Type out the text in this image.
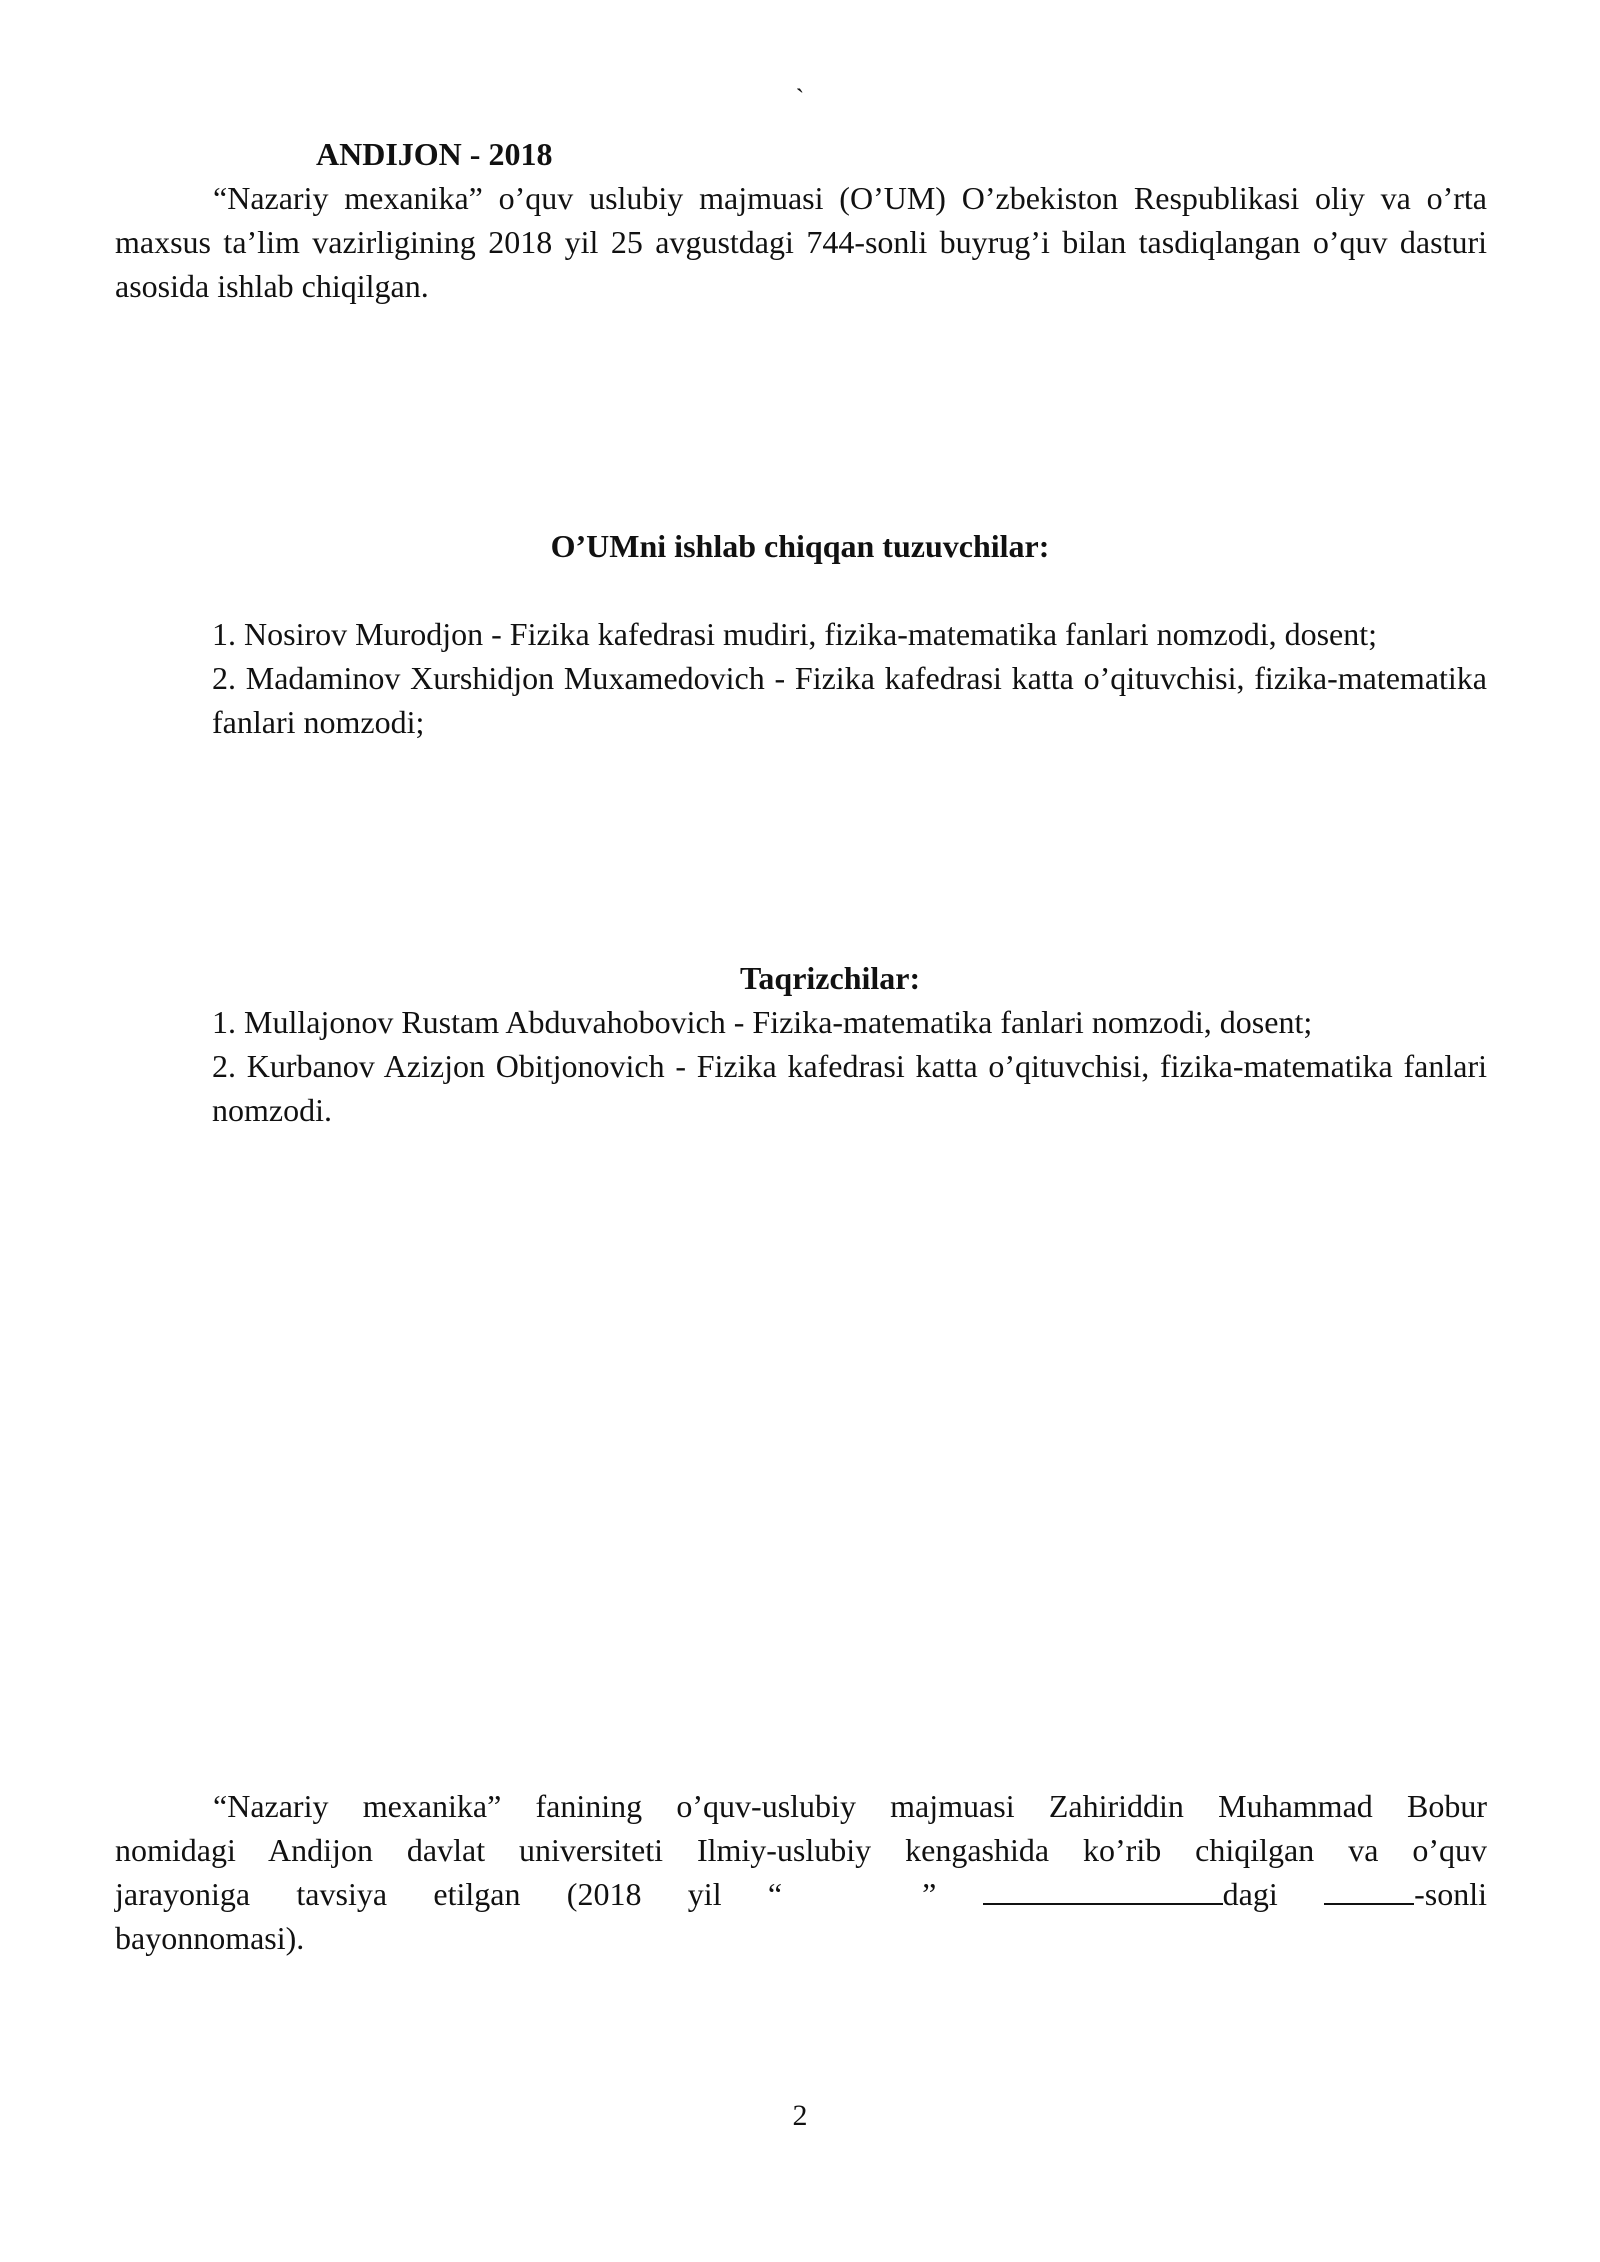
`
ANDIJON - 2018

“Nazariy mexanika” o’quv uslubiy majmuasi (O’UM) O’zbekiston Respublikasi oliy va o’rta maxsus ta’lim vazirligining 2018 yil 25 avgustdagi 744-sonli buyrug’i bilan tasdiqlangan o’quv dasturi asosida ishlab chiqilgan.

O’UMni ishlab chiqqan tuzuvchilar:
1. Nosirov Murodjon - Fizika kafedrasi mudiri, fizika-matematika fanlari nomzodi, dosent;
2. Madaminov Xurshidjon Muxamedovich - Fizika kafedrasi katta o’qituvchisi, fizika-matematika fanlari nomzodi;
Taqrizchilar:
1. Mullajonov Rustam Abduvahobovich - Fizika-matematika fanlari nomzodi, dosent;
2. Kurbanov Azizjon Obitjonovich - Fizika kafedrasi katta o’qituvchisi, fizika-matematika fanlari nomzodi.
“Nazariy mexanika” fanining o’quv-uslubiy majmuasi Zahiriddin Muhammad Bobur
nomidagi Andijon davlat universiteti Ilmiy-uslubiy kengashida ko’rib chiqilgan va o’quv
jarayoniga tavsiya etilgan (2018 yil “	”	dagi	-sonli
bayonnomasi).
2
